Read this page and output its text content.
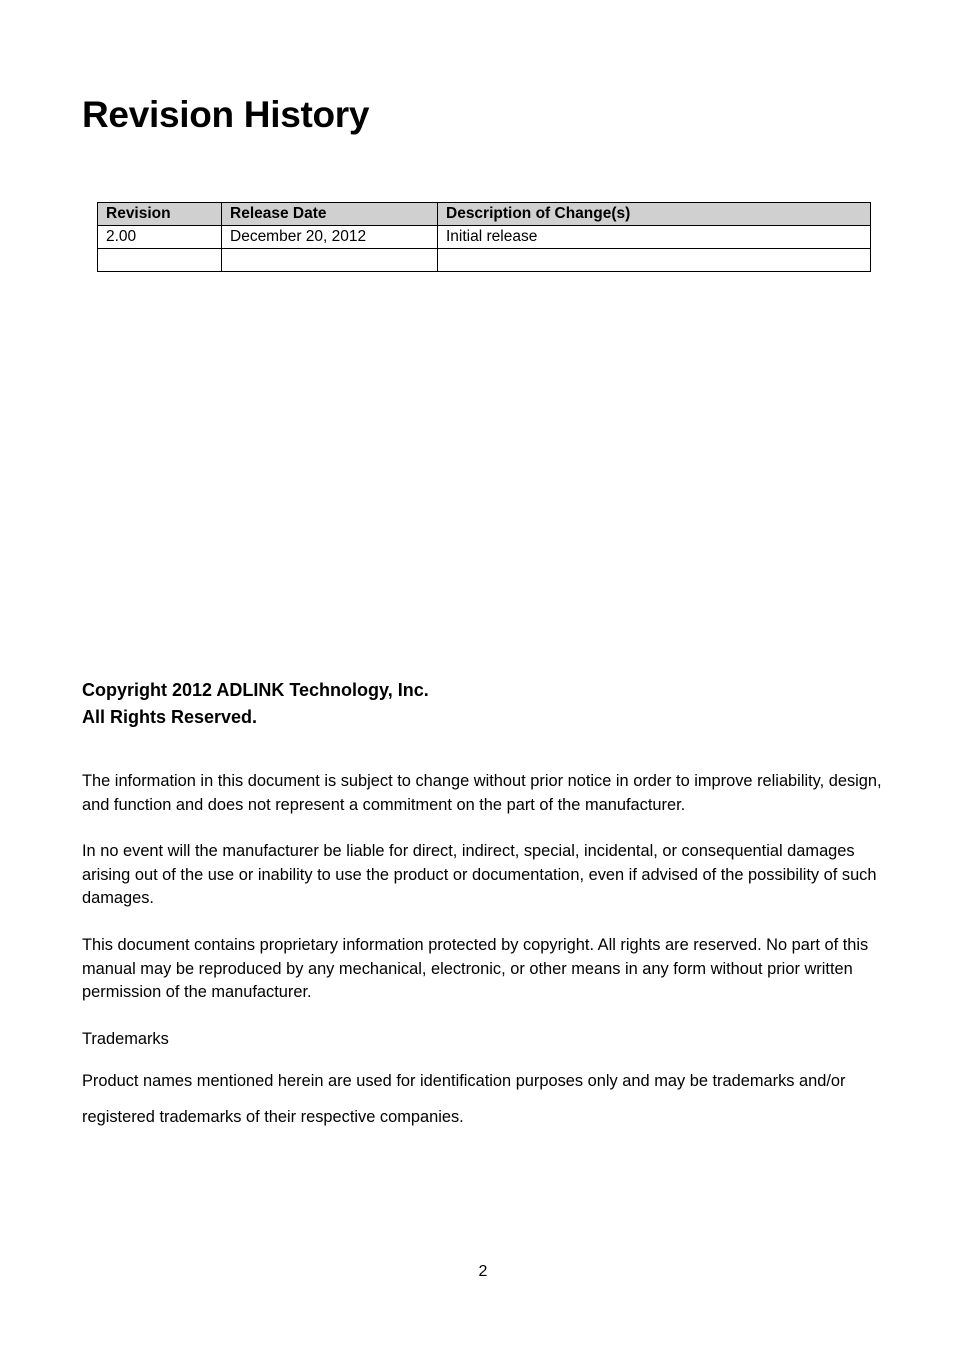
Revision History
Revision	Release Date	Description of Change(s)
2.00	December 20, 2012	Initial release

Copyright 2012 ADLINK Technology, Inc.
All Rights Reserved.

The information in this document is subject to change without prior notice in order to improve reliability, design, and function and does not represent a commitment on the part of the manufacturer.

In no event will the manufacturer be liable for direct, indirect, special, incidental, or consequential damages arising out of the use or inability to use the product or documentation, even if advised of the possibility of such damages.

This document contains proprietary information protected by copyright. All rights are reserved. No part of this manual may be reproduced by any mechanical, electronic, or other means in any form without prior written permission of the manufacturer.

Trademarks

Product names mentioned herein are used for identification purposes only and may be trademarks and/or registered trademarks of their respective companies.

2
